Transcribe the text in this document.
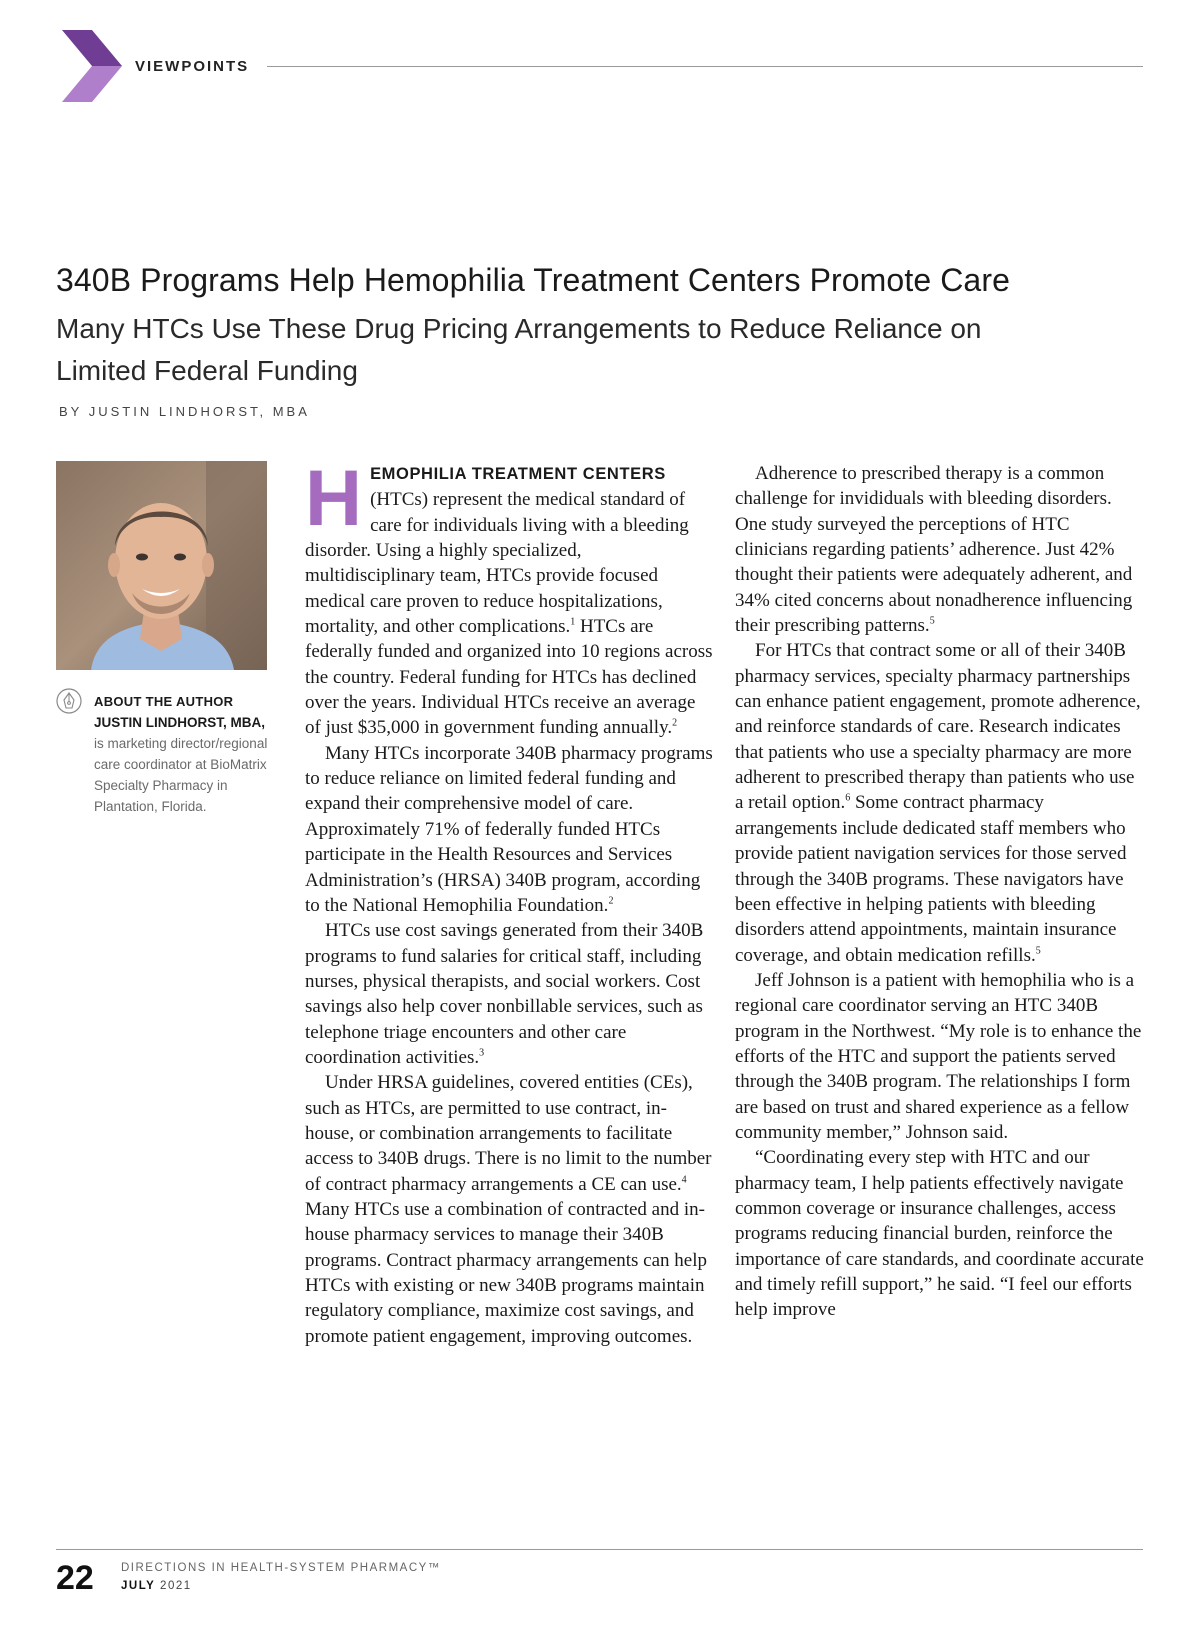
VIEWPOINTS
340B Programs Help Hemophilia Treatment Centers Promote Care
Many HTCs Use These Drug Pricing Arrangements to Reduce Reliance on Limited Federal Funding
BY JUSTIN LINDHORST, MBA
ABOUT THE AUTHOR
JUSTIN LINDHORST, MBA, is marketing director/regional care coordinator at BioMatrix Specialty Pharmacy in Plantation, Florida.

HEMOPHILIA TREATMENT CENTERS (HTCs) represent the medical standard of care for individuals living with a bleeding disorder. Using a highly specialized, multidisciplinary team, HTCs provide focused medical care proven to reduce hospitalizations, mortality, and other complications.$^1$ HTCs are federally funded and organized into 10 regions across the country. Federal funding for HTCs has declined over the years. Individual HTCs receive an average of just $35,000 in government funding annually.$^2$

Many HTCs incorporate 340B pharmacy programs to reduce reliance on limited federal funding and expand their comprehensive model of care. Approximately 71% of federally funded HTCs participate in the Health Resources and Services Administration’s (HRSA) 340B program, according to the National Hemophilia Foundation.$^2$

HTCs use cost savings generated from their 340B programs to fund salaries for critical staff, including nurses, physical therapists, and social workers. Cost savings also help cover nonbillable services, such as telephone triage encounters and other care coordination activities.$^3$

Under HRSA guidelines, covered entities (CEs), such as HTCs, are permitted to use contract, in-house, or combination arrangements to facilitate access to 340B drugs. There is no limit to the number of contract pharmacy arrangements a CE can use.$^4$ Many HTCs use a combination of contracted and in-house pharmacy services to manage their 340B programs. Contract pharmacy arrangements can help HTCs with existing or new 340B programs maintain regulatory compliance, maximize cost savings, and promote patient engagement, improving outcomes.

Adherence to prescribed therapy is a common challenge for invididuals with bleeding disorders. One study surveyed the perceptions of HTC clinicians regarding patients’ adherence. Just 42% thought their patients were adequately adherent, and 34% cited concerns about nonadherence influencing their prescribing patterns.$^5$

For HTCs that contract some or all of their 340B pharmacy services, specialty pharmacy partnerships can enhance patient engagement, promote adherence, and reinforce standards of care. Research indicates that patients who use a specialty pharmacy are more adherent to prescribed therapy than patients who use a retail option.$^6$ Some contract pharmacy arrangements include dedicated staff members who provide patient navigation services for those served through the 340B programs. These navigators have been effective in helping patients with bleeding disorders attend appointments, maintain insurance coverage, and obtain medication refills.$^5$

Jeff Johnson is a patient with hemophilia who is a regional care coordinator serving an HTC 340B program in the Northwest. “My role is to enhance the efforts of the HTC and support the patients served through the 340B program. The relationships I form are based on trust and shared experience as a fellow community member,” Johnson said.

“Coordinating every step with HTC and our pharmacy team, I help patients effectively navigate common coverage or insurance challenges, access programs reducing financial burden, reinforce the importance of care standards, and coordinate accurate and timely refill support,” he said. “I feel our efforts help improve

22 DIRECTIONS IN HEALTH-SYSTEM PHARMACY™
JULY 2021
